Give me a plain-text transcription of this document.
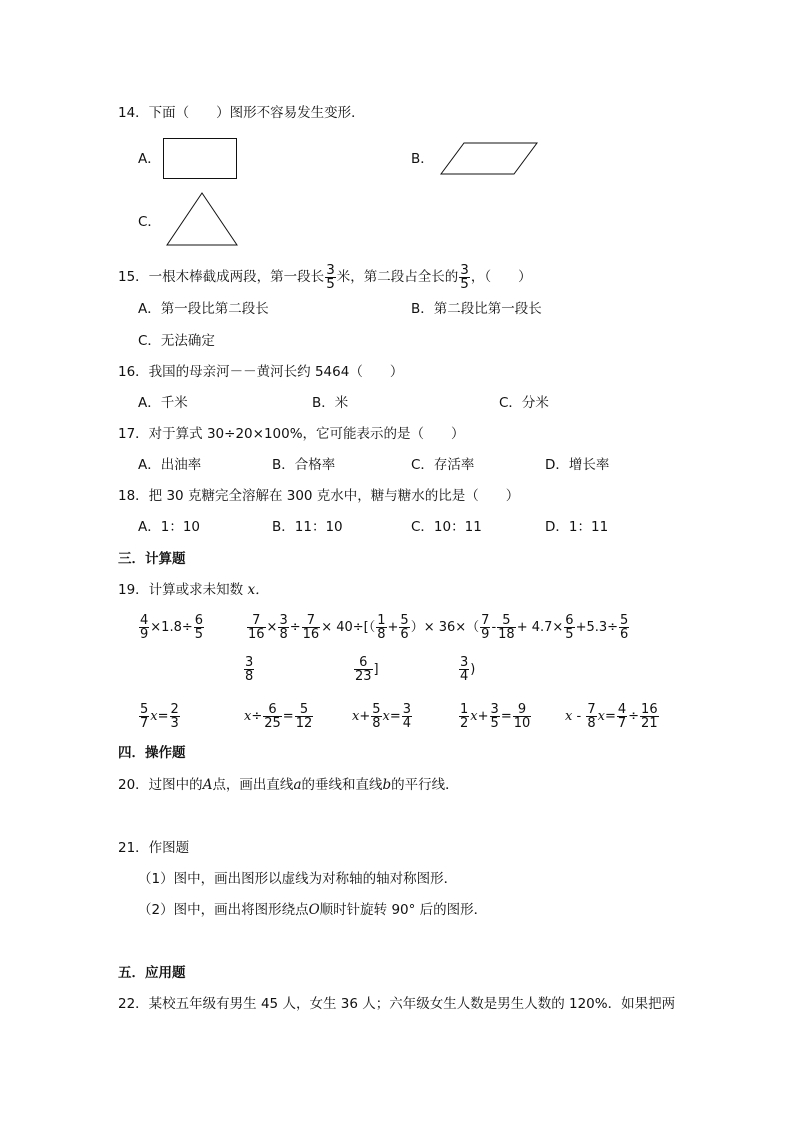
14．下面（　　）图形不容易发生变形．
A．	B．
C．
15．一根木棒截成两段，第一段长 $\frac{3}{5}$ 米，第二段占全长的 $\frac{3}{5}$ ，（　　）
A．第一段比第二段长	B．第二段比第一段长
C．无法确定
16．我国的母亲河－－黄河长约 5464（　　）
A．千米	B．米	C．分米
17．对于算式 30÷20×100%，它可能表示的是（　　）
A．出油率	B．合格率	C．存活率	D．增长率
18．把 30 克糖完全溶解在 300 克水中，糖与糖水的比是（　　）
A．1：10	B．11：10	C．10：11	D．1：11
三．计算题
19．计算或求未知数 x．
$\frac{4}{9} \times 1.8\div \frac{6}{5}$	$\frac{7}{16} \times \frac{3}{8} \div \frac{7}{16} \times 40\div[( \frac{1}{8} + \frac{5}{6}$ ）× $36\times( \frac{7}{9} - \frac{5}{18} + 4.7\times \frac{6}{5} +5.3\div \frac{5}{6}$
$\frac{3}{8}$	$\frac{6}{23}$ ]	$\frac{3}{4}$ )
$\frac{5}{7} x= \frac{2}{3}$	$x\div \frac{6}{25} = \frac{5}{12}$	$x+ \frac{5}{8} x= \frac{3}{4}$	$\frac{1}{2} x+ \frac{3}{5} = \frac{9}{10}$	$x - \frac{7}{8} x= \frac{4}{7} \div \frac{16}{21}$
四．操作题
20．过图中的A点，画出直线a的垂线和直线b的平行线．
21．作图题
（1）图中，画出图形以虚线为对称轴的轴对称图形．
（2）图中，画出将图形绕点O顺时针旋转 90° 后的图形．
五．应用题
22．某校五年级有男生 45 人，女生 36 人；六年级女生人数是男生人数的 120%．如果把两
